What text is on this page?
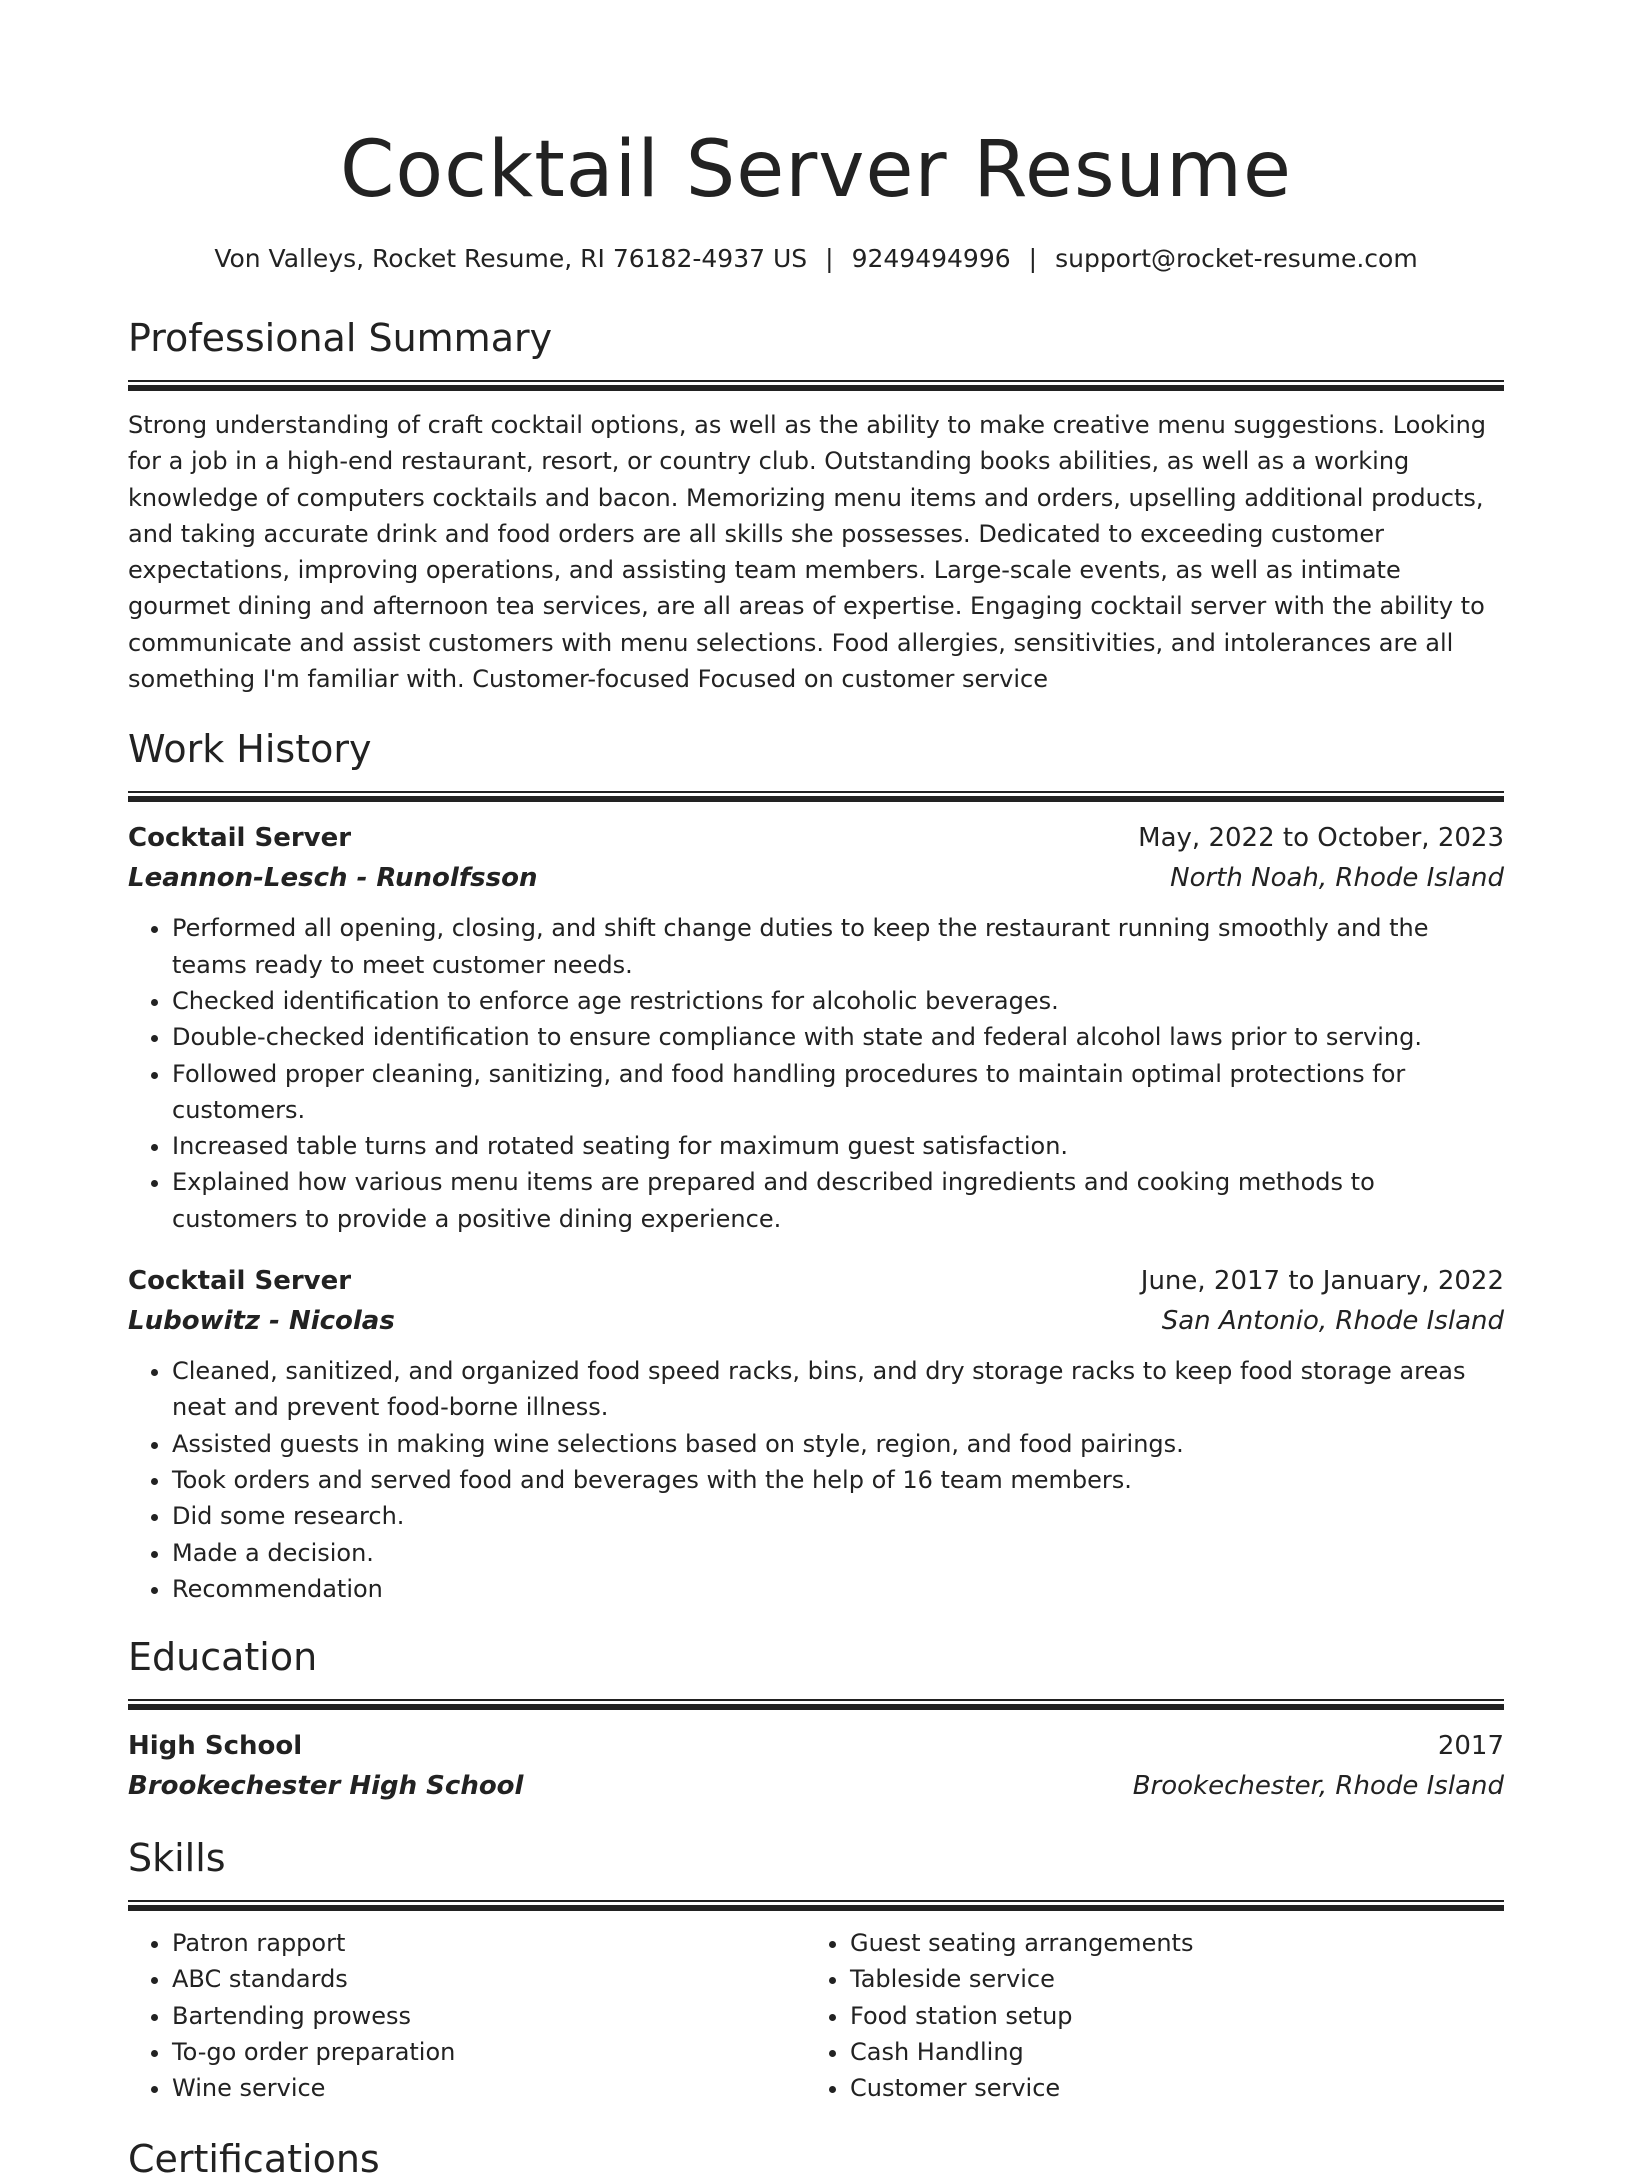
Cocktail Server Resume
Von Valleys, Rocket Resume, RI 76182-4937 US | 9249494996 | support@rocket-resume.com
Professional Summary

Strong understanding of craft cocktail options, as well as the ability to make creative menu suggestions. Looking for a job in a high-end restaurant, resort, or country club. Outstanding books abilities, as well as a working knowledge of computers cocktails and bacon. Memorizing menu items and orders, upselling additional products, and taking accurate drink and food orders are all skills she possesses. Dedicated to exceeding customer expectations, improving operations, and assisting team members. Large-scale events, as well as intimate gourmet dining and afternoon tea services, are all areas of expertise. Engaging cocktail server with the ability to communicate and assist customers with menu selections. Food allergies, sensitivities, and intolerances are all something I'm familiar with. Customer-focused Focused on customer service

Work History
Cocktail Server	May, 2022 to October, 2023
Leannon-Lesch - Runolfsson	North Noah, Rhode Island
• Performed all opening, closing, and shift change duties to keep the restaurant running smoothly and the teams ready to meet customer needs.
• Checked identification to enforce age restrictions for alcoholic beverages.
• Double-checked identification to ensure compliance with state and federal alcohol laws prior to serving.
• Followed proper cleaning, sanitizing, and food handling procedures to maintain optimal protections for customers.
• Increased table turns and rotated seating for maximum guest satisfaction.
• Explained how various menu items are prepared and described ingredients and cooking methods to customers to provide a positive dining experience.
Cocktail Server	June, 2017 to January, 2022
Lubowitz - Nicolas	San Antonio, Rhode Island
• Cleaned, sanitized, and organized food speed racks, bins, and dry storage racks to keep food storage areas neat and prevent food-borne illness.
• Assisted guests in making wine selections based on style, region, and food pairings.
• Took orders and served food and beverages with the help of 16 team members.
• Did some research.
• Made a decision.
• Recommendation
Education
High School	2017
Brookechester High School	Brookechester, Rhode Island
Skills
• Patron rapport
• ABC standards
• Bartending prowess
• To-go order preparation
• Wine service
• Guest seating arrangements
• Tableside service
• Food station setup
• Cash Handling
• Customer service
Certifications
